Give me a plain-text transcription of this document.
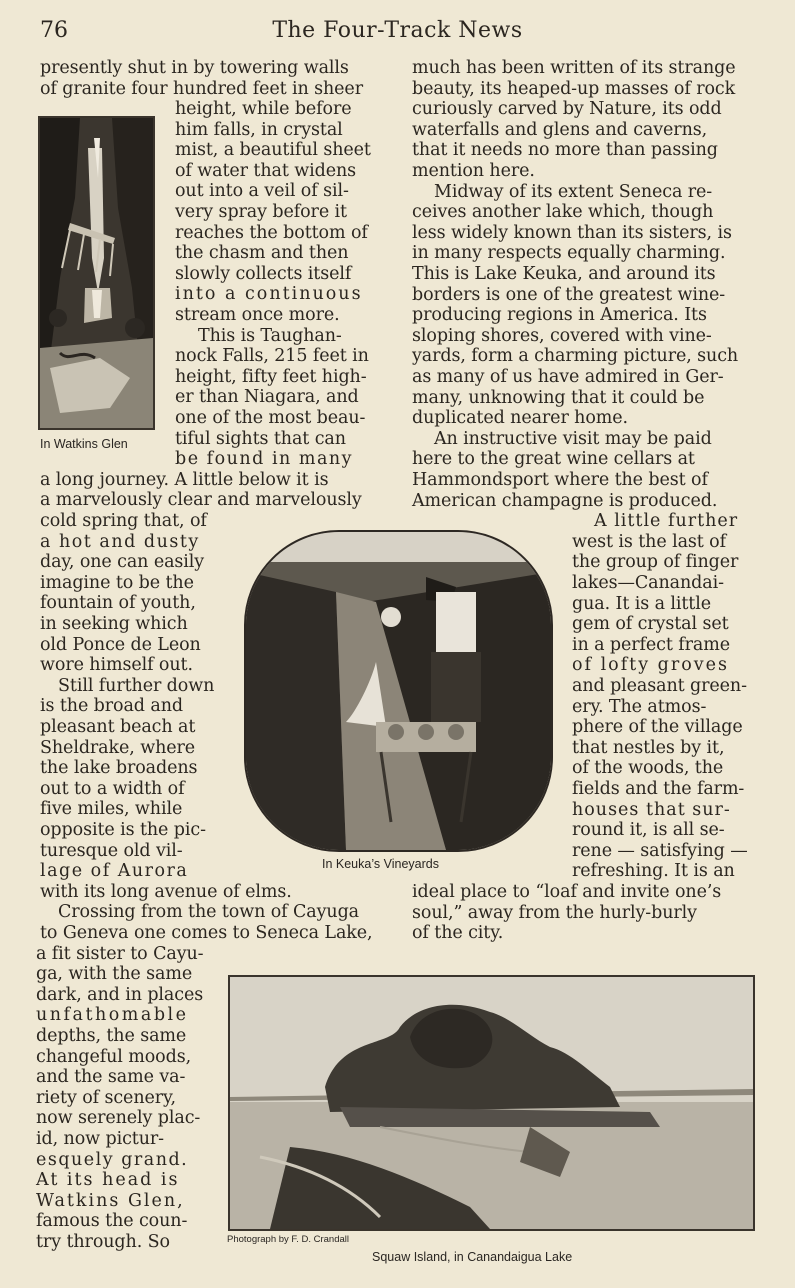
76	The Four-Track News
presently shut in by towering walls
of granite four hundred feet in sheer
height, while before
him falls, in crystal
mist, a beautiful sheet
of water that widens
out into a veil of sil-
very spray before it
reaches the bottom of
the chasm and then
slowly collects itself
into a continuous
stream once more.
This is Taughan-
nock Falls, 215 feet in
height, fifty feet high-
er than Niagara, and
one of the most beau-
tiful sights that can
be found in many
a long journey. A little below it is
a marvelously clear and marvelously
cold spring that, of
a hot and dusty
day, one can easily
imagine to be the
fountain of youth,
in seeking which
old Ponce de Leon
wore himself out.
Still further down
is the broad and
pleasant beach at
Sheldrake, where
the lake broadens
out to a width of
five miles, while
opposite is the pic-
turesque old vil-
lage of Aurora
with its long avenue of elms.
Crossing from the town of Cayuga
to Geneva one comes to Seneca Lake,
a fit sister to Cayu-
ga, with the same
dark, and in places
unfathomable
depths, the same
changeful moods,
and the same va-
riety of scenery,
now serenely plac-
id, now pictur-
esquely grand.
At its head is
Watkins Glen,
famous the coun-
try through. So
much has been written of its strange
beauty, its heaped-up masses of rock
curiously carved by Nature, its odd
waterfalls and glens and caverns,
that it needs no more than passing
mention here.
Midway of its extent Seneca re-
ceives another lake which, though
less widely known than its sisters, is
in many respects equally charming.
This is Lake Keuka, and around its
borders is one of the greatest wine-
producing regions in America. Its
sloping shores, covered with vine-
yards, form a charming picture, such
as many of us have admired in Ger-
many, unknowing that it could be
duplicated nearer home.
An instructive visit may be paid
here to the great wine cellars at
Hammondsport where the best of
American champagne is produced.
A little further
west is the last of
the group of finger
lakes—Canandai-
gua. It is a little
gem of crystal set
in a perfect frame
of lofty groves
and pleasant green-
ery. The atmos-
phere of the village
that nestles by it,
of the woods, the
fields and the farm-
houses that sur-
round it, is all se-
rene — satisfying —
refreshing. It is an
ideal place to “loaf and invite one’s
soul,” away from the hurly-burly
of the city.
In Watkins Glen
In Keuka’s Vineyards
Photograph by F. D. Crandall
Squaw Island, in Canandaigua Lake
